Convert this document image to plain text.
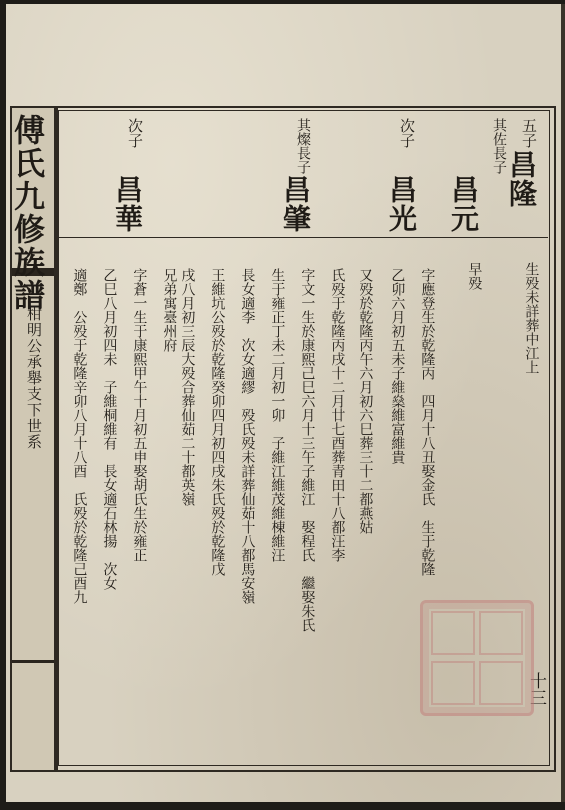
傅氏九修族譜
柑明公承舉支下世系
十三
五子
昌隆
生殁未詳葬中江上
其佐長子
昌元
早殁
次子
昌光
字應登生於乾隆丙　四月十八丑娶金氏　生于乾隆
乙卯六月初五未子維燊維富維貴
又殁於乾隆丙午六月初六巳葬三十二都燕姑
其燦長子
昌肇
氏殁于乾隆丙戌十二月廿七酉葬青田十八都汪李
字文一生於康熙己巳六月十三午子維江　娶程氏　繼娶朱氏
生于雍正丁未二月初一卯　子維江維茂維棟維汪
長女適李　次女適繆　殁氏殁未詳葬仙茹十八都馬安嶺
王維坑公殁於乾隆癸卯四月初四戌朱氏殁於乾隆戊
戌八月初三辰大殁合葬仙茹二十都英嶺
次子
昌華
兄弟寓臺州府
字蒼一生于康熙甲午十月初五申娶胡氏生於雍正
乙巳八月初四未　子維桐維有　長女適石林揚　次女
適鄭　公殁于乾隆辛卯八月十八酉　氏殁於乾隆己酉九
